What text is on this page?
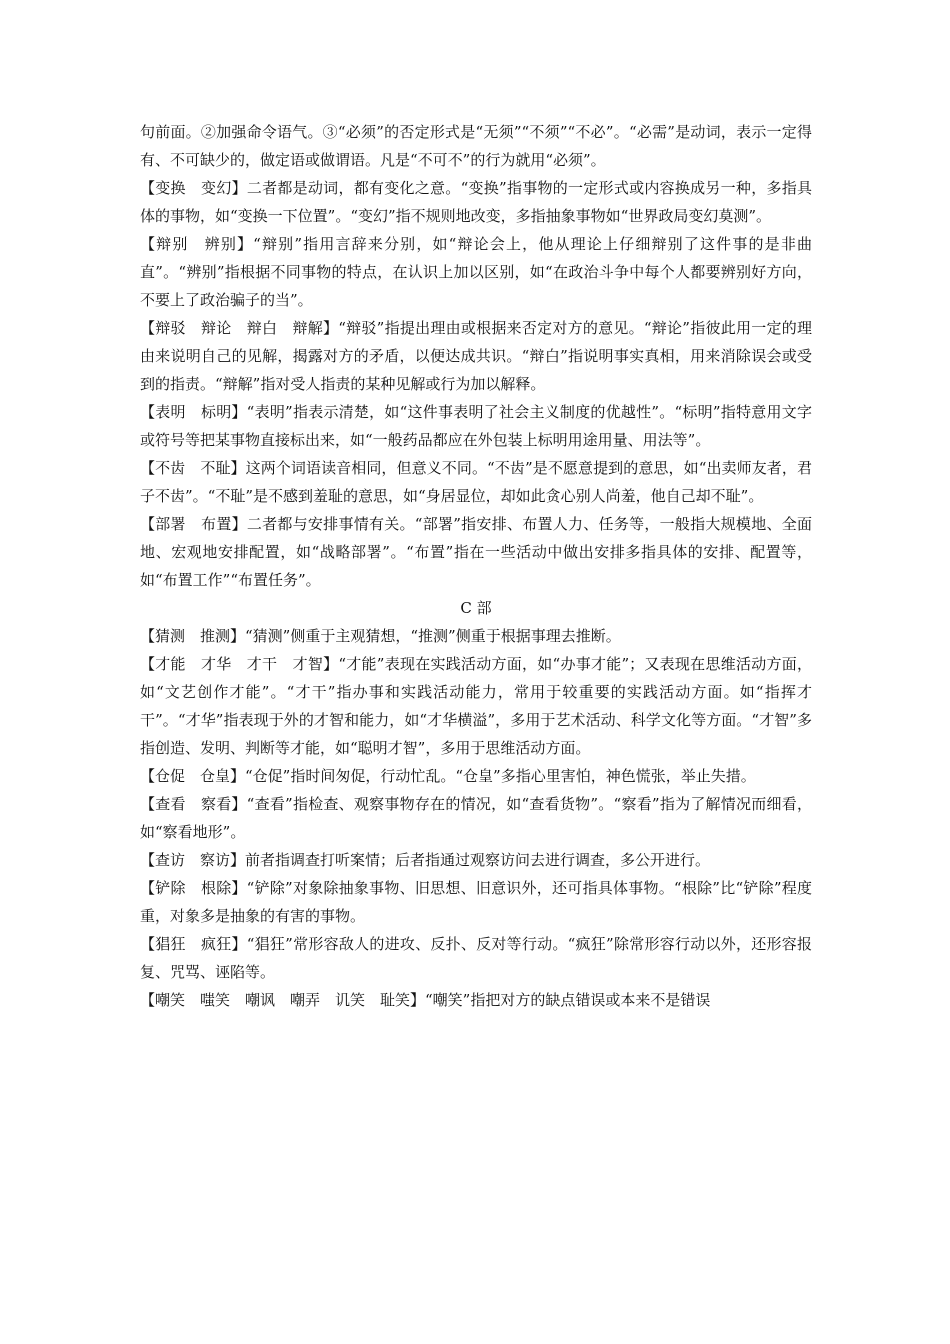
句前面。②加强命令语气。③“必须”的否定形式是“无须”“不须”“不必”。“必需”是动词，表示一定得有、不可缺少的，做定语或做谓语。凡是“不可不”的行为就用“必须”。

【变换　变幻】二者都是动词，都有变化之意。“变换”指事物的一定形式或内容换成另一种，多指具体的事物，如“变换一下位置”。“变幻”指不规则地改变，多指抽象事物如“世界政局变幻莫测”。

【辩别　辨别】“辩别”指用言辞来分别，如“辩论会上，他从理论上仔细辩别了这件事的是非曲直”。“辨别”指根据不同事物的特点，在认识上加以区别，如“在政治斗争中每个人都要辨别好方向，不要上了政治骗子的当”。

【辩驳　辩论　辩白　辩解】“辩驳”指提出理由或根据来否定对方的意见。“辩论”指彼此用一定的理由来说明自己的见解，揭露对方的矛盾，以便达成共识。“辩白”指说明事实真相，用来消除误会或受到的指责。“辩解”指对受人指责的某种见解或行为加以解释。

【表明　标明】“表明”指表示清楚，如“这件事表明了社会主义制度的优越性”。“标明”指特意用文字或符号等把某事物直接标出来，如“一般药品都应在外包装上标明用途用量、用法等”。

【不齿　不耻】这两个词语读音相同，但意义不同。“不齿”是不愿意提到的意思，如“出卖师友者，君子不齿”。“不耻”是不感到羞耻的意思，如“身居显位，却如此贪心别人尚羞，他自己却不耻”。

【部署　布置】二者都与安排事情有关。“部署”指安排、布置人力、任务等，一般指大规模地、全面地、宏观地安排配置，如“战略部署”。“布置”指在一些活动中做出安排多指具体的安排、配置等，如“布置工作”“布置任务”。

C 部

【猜测　推测】“猜测”侧重于主观猜想，“推测”侧重于根据事理去推断。

【才能　才华　才干　才智】“才能”表现在实践活动方面，如“办事才能”；又表现在思维活动方面，如“文艺创作才能”。“才干”指办事和实践活动能力，常用于较重要的实践活动方面。如“指挥才干”。“才华”指表现于外的才智和能力，如“才华横溢”，多用于艺术活动、科学文化等方面。“才智”多指创造、发明、判断等才能，如“聪明才智”，多用于思维活动方面。

【仓促　仓皇】“仓促”指时间匆促，行动忙乱。“仓皇”多指心里害怕，神色慌张，举止失措。

【查看　察看】“查看”指检查、观察事物存在的情况，如“查看货物”。“察看”指为了解情况而细看，如“察看地形”。

【查访　察访】前者指调查打听案情；后者指通过观察访问去进行调查，多公开进行。

【铲除　根除】“铲除”对象除抽象事物、旧思想、旧意识外，还可指具体事物。“根除”比“铲除”程度重，对象多是抽象的有害的事物。

【猖狂　疯狂】“猖狂”常形容敌人的进攻、反扑、反对等行动。“疯狂”除常形容行动以外，还形容报复、咒骂、诬陷等。

【嘲笑　嗤笑　嘲讽　嘲弄　讥笑　耻笑】“嘲笑”指把对方的缺点错误或本来不是错误
